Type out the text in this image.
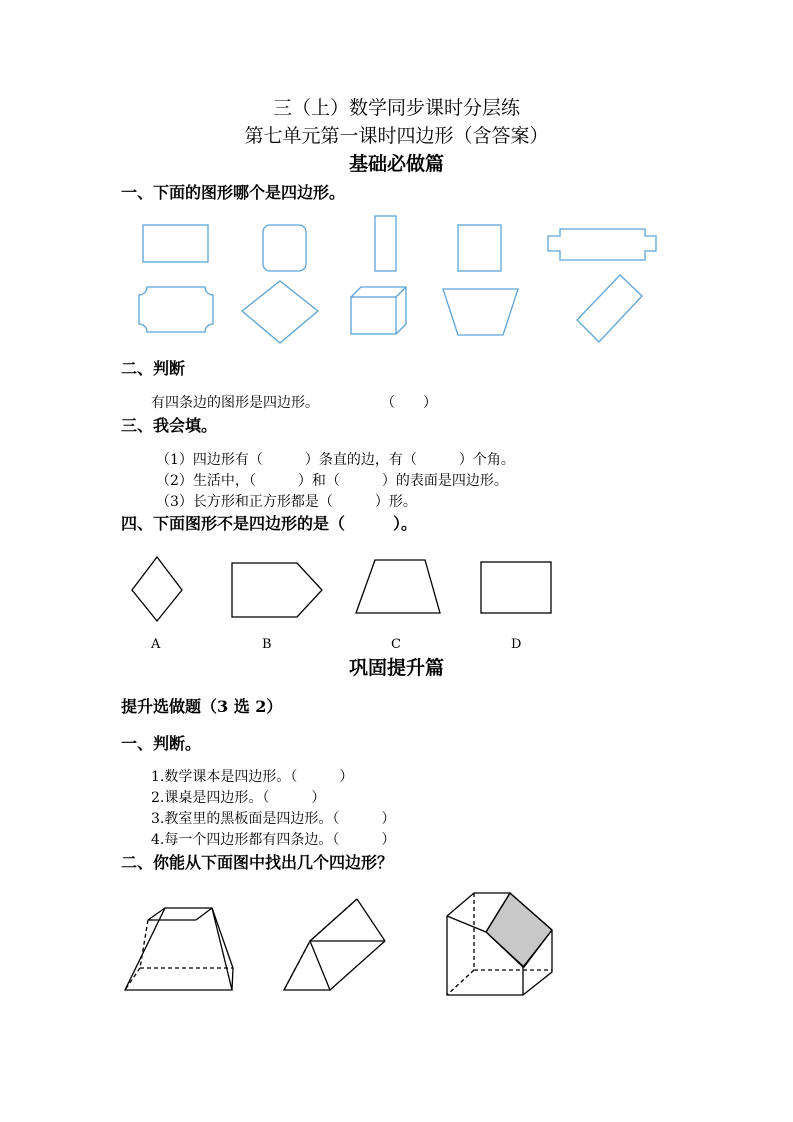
三（上）数学同步课时分层练
第七单元第一课时四边形（含答案）
基础必做篇
一、下面的图形哪个是四边形。
二、判断
有四条边的图形是四边形。	（　　）
三、我会填。
（1）四边形有（　　　）条直的边，有（　　　）个角。
（2）生活中，（　　　）和（　　　）的表面是四边形。
（3）长方形和正方形都是（　　　）形。
四、下面图形不是四边形的是（　　　）。
A	B	C	D
巩固提升篇
提升选做题（3 选 2）
一、判断。
1.数学课本是四边形。（　　　）
2.课桌是四边形。（　　　）
3.教室里的黑板面是四边形。（　　　）
4.每一个四边形都有四条边。（　　　）
二、你能从下面图中找出几个四边形？
